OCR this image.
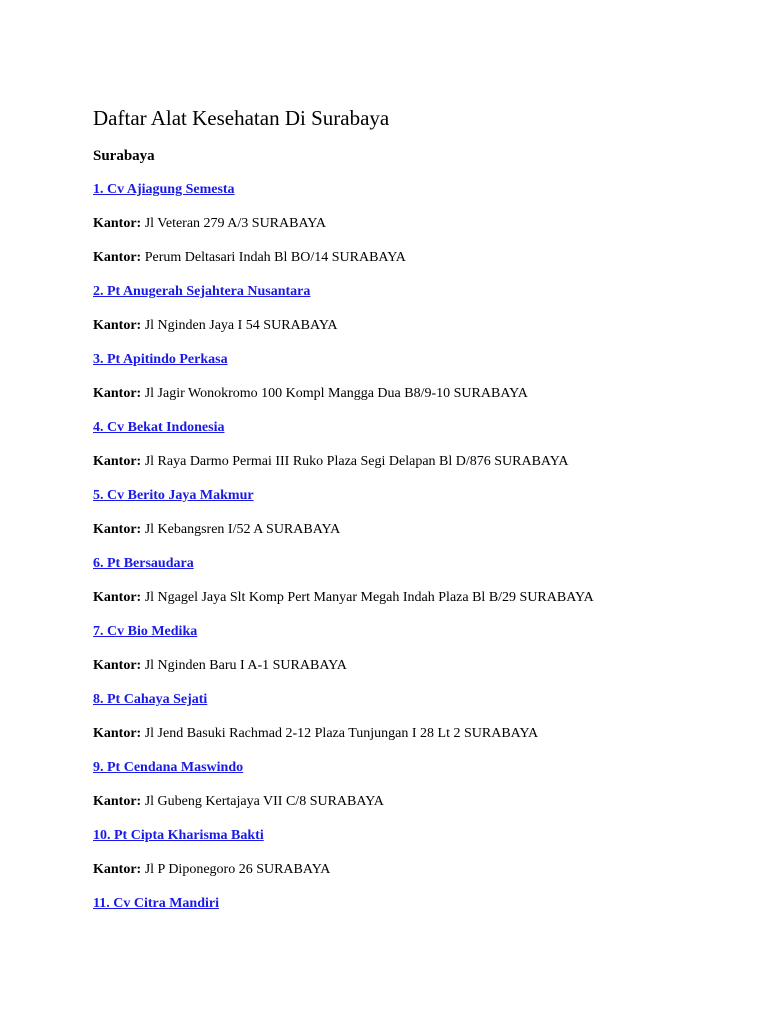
Daftar Alat Kesehatan Di Surabaya
Surabaya
1. Cv Ajiagung Semesta
Kantor: Jl Veteran 279 A/3 SURABAYA
Kantor: Perum Deltasari Indah Bl BO/14 SURABAYA
2. Pt Anugerah Sejahtera Nusantara
Kantor: Jl Nginden Jaya I 54 SURABAYA
3. Pt Apitindo Perkasa
Kantor: Jl Jagir Wonokromo 100 Kompl Mangga Dua B8/9-10 SURABAYA
4. Cv Bekat Indonesia
Kantor: Jl Raya Darmo Permai III Ruko Plaza Segi Delapan Bl D/876 SURABAYA
5. Cv Berito Jaya Makmur
Kantor: Jl Kebangsren I/52 A SURABAYA
6. Pt Bersaudara
Kantor: Jl Ngagel Jaya Slt Komp Pert Manyar Megah Indah Plaza Bl B/29 SURABAYA
7. Cv Bio Medika
Kantor: Jl Nginden Baru I A-1 SURABAYA
8. Pt Cahaya Sejati
Kantor: Jl Jend Basuki Rachmad 2-12 Plaza Tunjungan I 28 Lt 2 SURABAYA
9. Pt Cendana Maswindo
Kantor: Jl Gubeng Kertajaya VII C/8 SURABAYA
10. Pt Cipta Kharisma Bakti
Kantor: Jl P Diponegoro 26 SURABAYA
11. Cv Citra Mandiri
